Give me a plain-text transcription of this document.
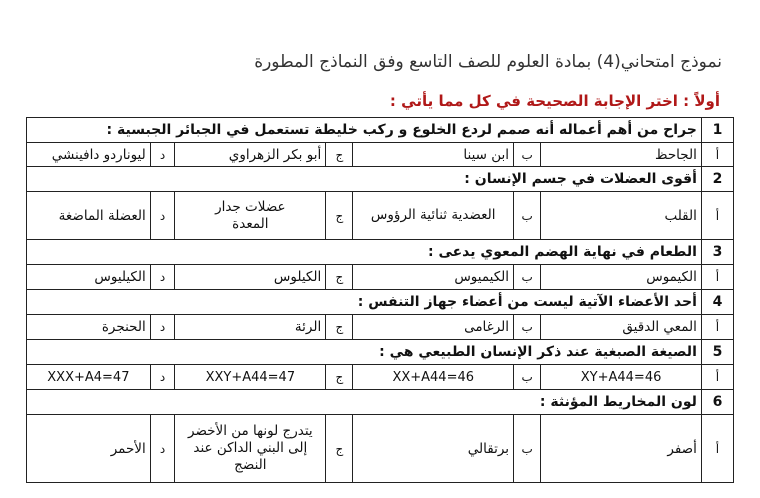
نموذج امتحاني(4) بمادة العلوم للصف التاسع وفق النماذج المطورة
أولاً : اختر الإجابة الصحيحة في كل مما يأتي :
1	جراح من أهم أعماله أنه صمم لردع الخلوع و ركب خليطة تستعمل في الجبائر الجبسية :						
أ	الجاحظ	ب	ابن سينا	ج	أبو بكر الزهراوي	د	ليوناردو دافينشي
2	أقوى العضلات في جسم الإنسان :						
أ	القلب	ب	العضدية ثنائية الرؤوس	ج	عضلات جدار المعدة	د	العضلة الماضغة
3	الطعام في نهاية الهضم المعوي يدعى :						
أ	الكيموس	ب	الكيميوس	ج	الكيلوس	د	الكيليوس
4	أحد الأعضاء الآتية ليست من أعضاء جهاز التنفس :						
أ	المعي الدقيق	ب	الرغامى	ج	الرئة	د	الحنجرة
5	الصيغة الصبغية عند ذكر الإنسان الطبيعي هي :						
أ	XY+A44=46	ب	XX+A44=46	ج	XXY+A44=47	د	XXX+A4=47
6	لون المخاريط المؤنثة :						
أ	أصفر	ب	برتقالي	ج	يتدرج لونها من الأخضر إلى البني الداكن عند النضج	د	الأحمر
